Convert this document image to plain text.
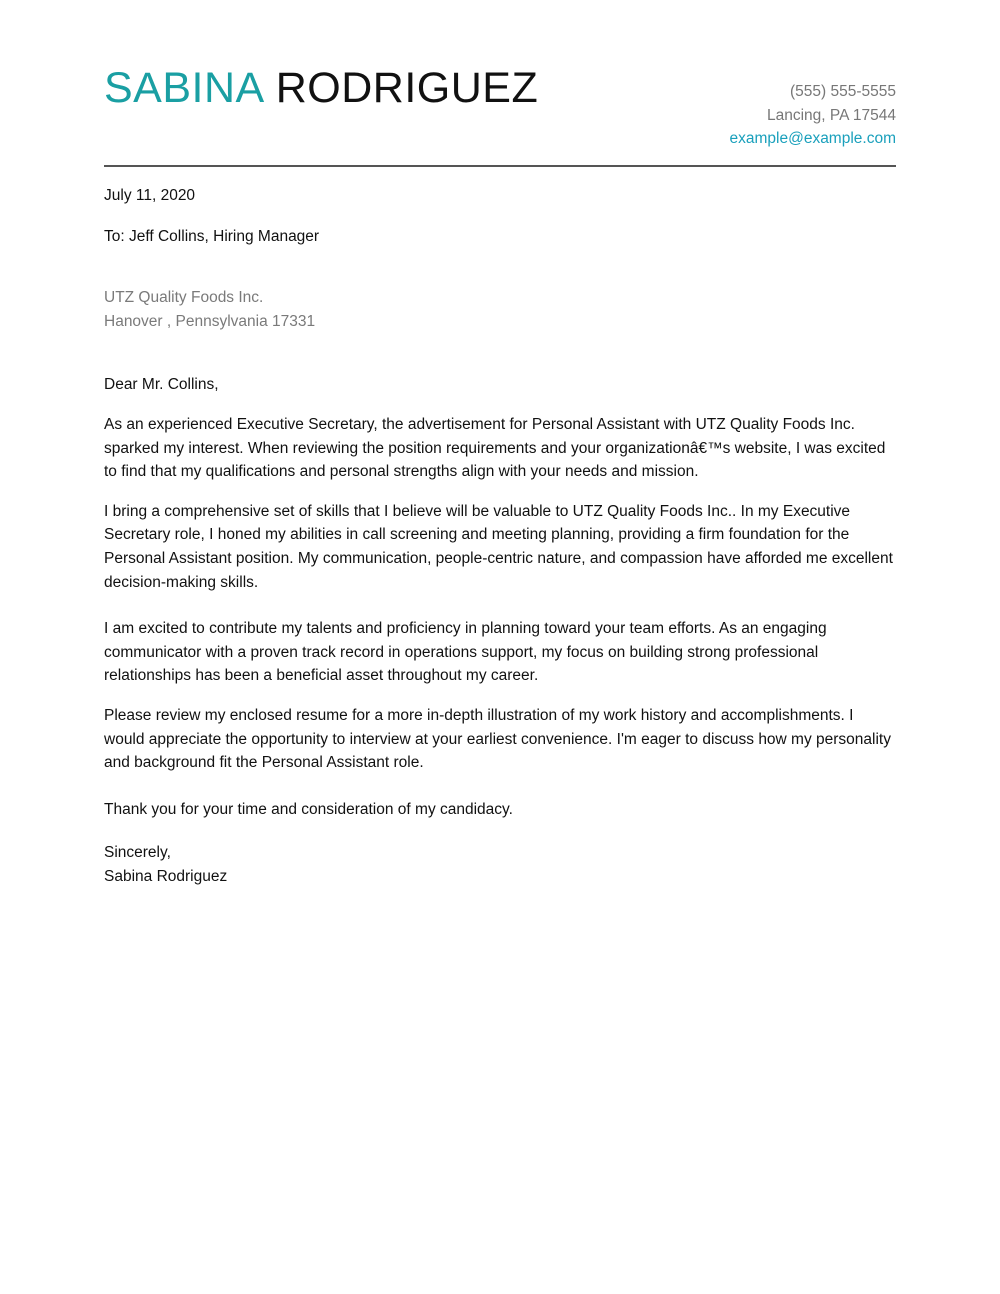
SABINA RODRIGUEZ	(555) 555-5555
Lancing, PA 17544
example@example.com
July 11, 2020
To: Jeff Collins, Hiring Manager
UTZ Quality Foods Inc.
Hanover , Pennsylvania 17331
Dear Mr. Collins,
As an experienced Executive Secretary, the advertisement for Personal Assistant with UTZ Quality Foods Inc. sparked my interest. When reviewing the position requirements and your organizationâ€™s website, I was excited to find that my qualifications and personal strengths align with your needs and mission.
I bring a comprehensive set of skills that I believe will be valuable to UTZ Quality Foods Inc.. In my Executive Secretary role, I honed my abilities in call screening and meeting planning, providing a firm foundation for the Personal Assistant position. My communication, people-centric nature, and compassion have afforded me excellent decision-making skills.
I am excited to contribute my talents and proficiency in planning toward your team efforts. As an engaging communicator with a proven track record in operations support, my focus on building strong professional relationships has been a beneficial asset throughout my career.
Please review my enclosed resume for a more in-depth illustration of my work history and accomplishments. I would appreciate the opportunity to interview at your earliest convenience. I'm eager to discuss how my personality and background fit the Personal Assistant role.
Thank you for your time and consideration of my candidacy.
Sincerely,
Sabina Rodriguez
